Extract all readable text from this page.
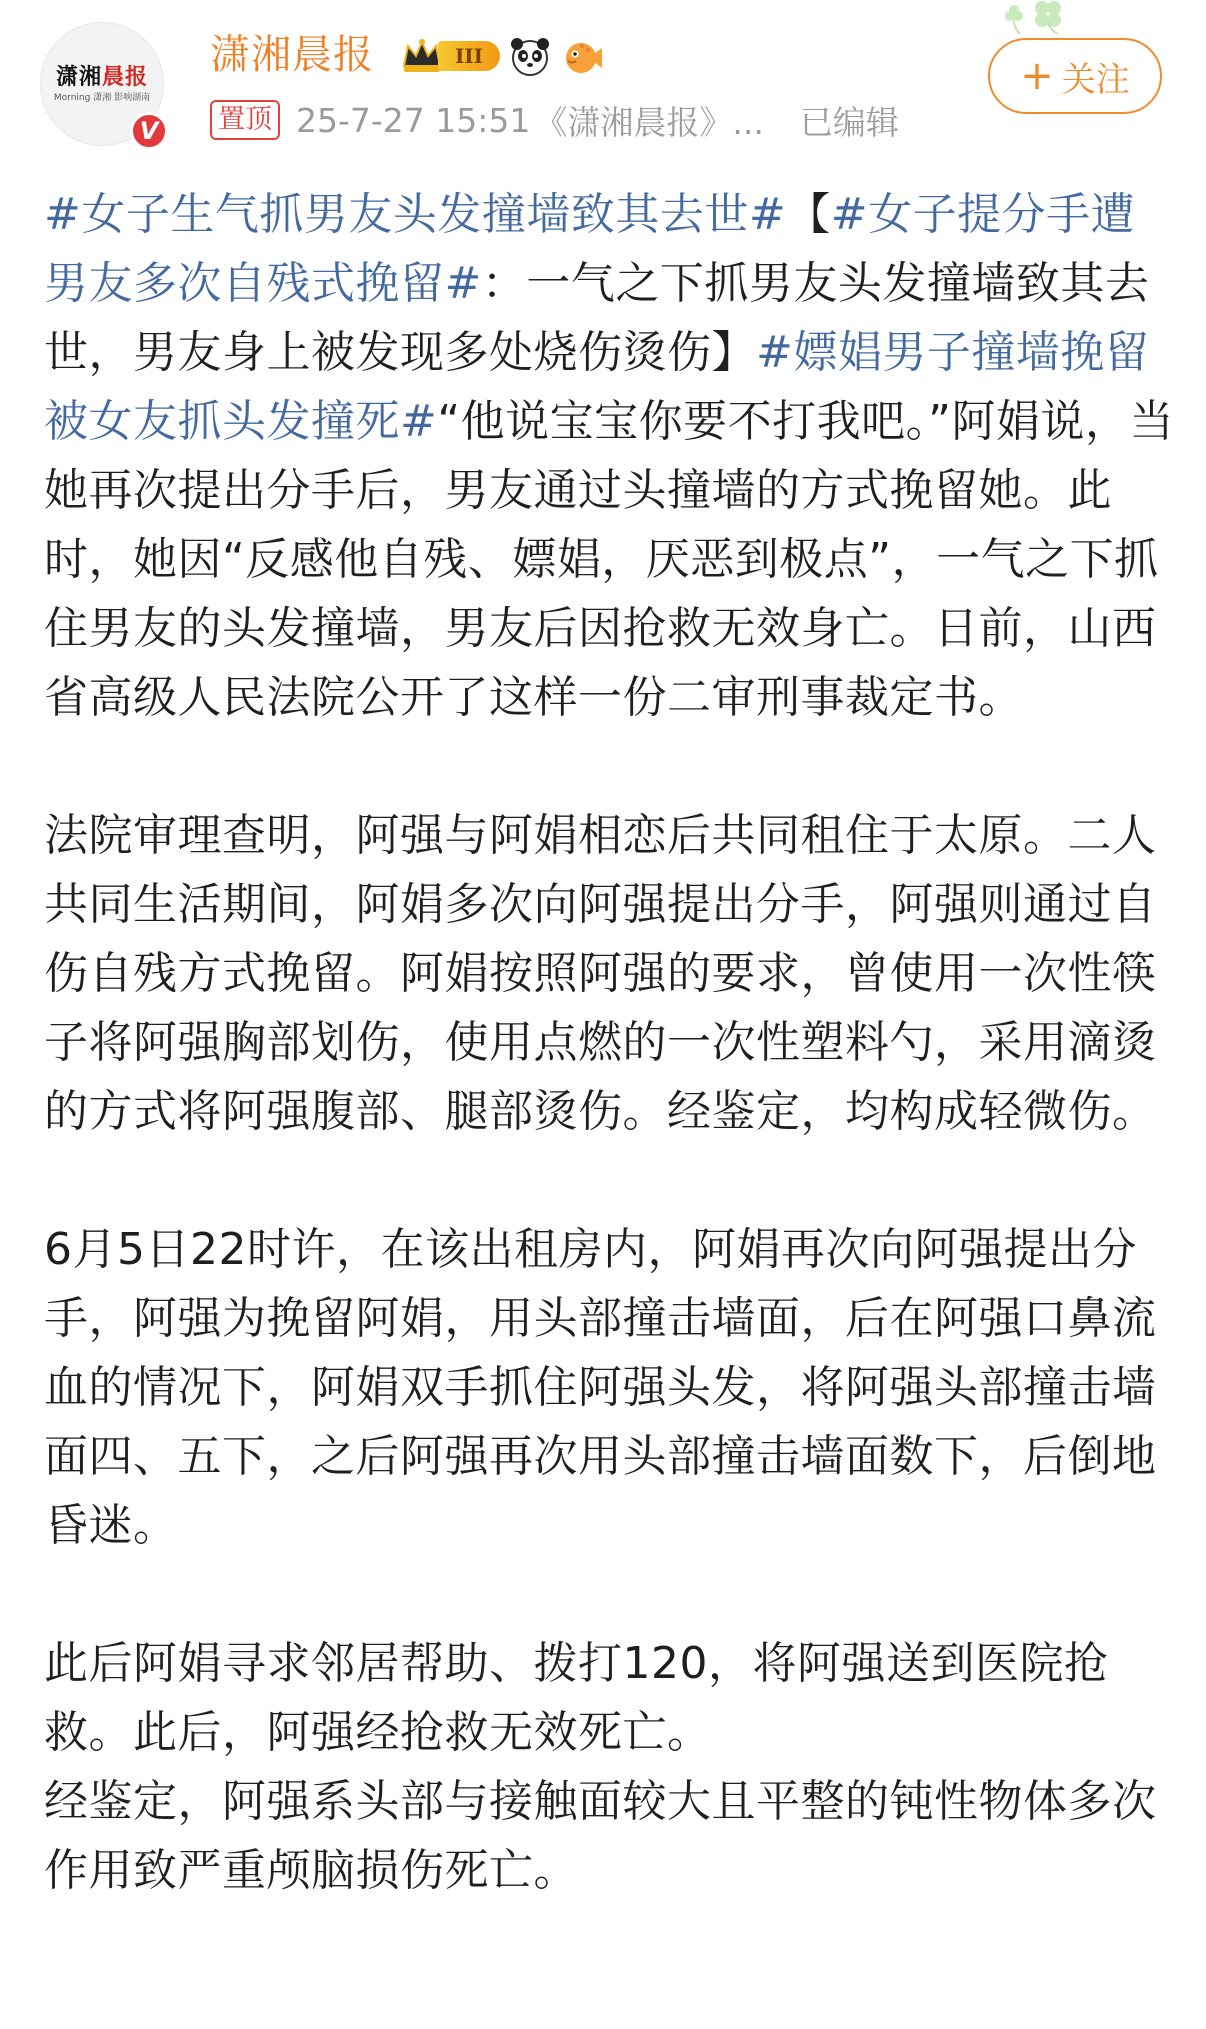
潇湘晨报
Morning 潇湘 影响湖南
V
潇湘晨报	III
置顶 25-7-27 15:51 《潇湘晨报》... 已编辑
+ 关注

#女子生气抓男友头发撞墙致其去世#【#女子提分手遭男友多次自残式挽留#：一气之下抓男友头发撞墙致其去世，男友身上被发现多处烧伤烫伤】#嫖娼男子撞墙挽留被女友抓头发撞死#“他说宝宝你要不打我吧。”阿娟说，当她再次提出分手后，男友通过头撞墙的方式挽留她。此时，她因“反感他自残、嫖娼，厌恶到极点”，一气之下抓住男友的头发撞墙，男友后因抢救无效身亡。日前，山西省高级人民法院公开了这样一份二审刑事裁定书。

法院审理查明，阿强与阿娟相恋后共同租住于太原。二人共同生活期间，阿娟多次向阿强提出分手，阿强则通过自伤自残方式挽留。阿娟按照阿强的要求，曾使用一次性筷子将阿强胸部划伤，使用点燃的一次性塑料勺，采用滴烫的方式将阿强腹部、腿部烫伤。经鉴定，均构成轻微伤。

6月5日22时许，在该出租房内，阿娟再次向阿强提出分手，阿强为挽留阿娟，用头部撞击墙面，后在阿强口鼻流血的情况下，阿娟双手抓住阿强头发，将阿强头部撞击墙面四、五下，之后阿强再次用头部撞击墙面数下，后倒地昏迷。

此后阿娟寻求邻居帮助、拨打120，将阿强送到医院抢救。此后，阿强经抢救无效死亡。

经鉴定，阿强系头部与接触面较大且平整的钝性物体多次作用致严重颅脑损伤死亡。
